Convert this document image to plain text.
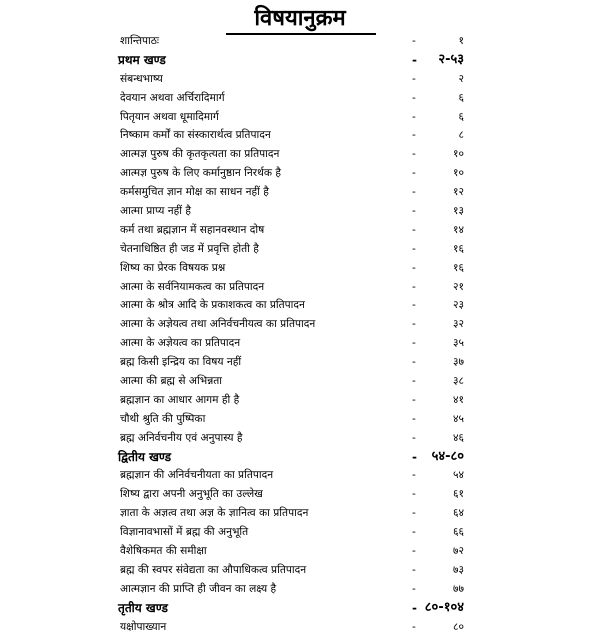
विषयानुक्रम
शान्तिपाठः	-	१
प्रथम खण्ड	- २-५३
संबन्धभाष्य	-	२
देवयान अथवा अर्चिरादिमार्ग	-	६
पितृयान अथवा धूमादिमार्ग	-	६
निष्काम कर्मों का संस्कारार्थत्व प्रतिपादन	-	८
आत्मज्ञ पुरुष की कृतकृत्यता का प्रतिपादन	-	१०
आत्मज्ञ पुरुष के लिए कर्मानुष्ठान निरर्थक है	-	१०
कर्मसमुचित ज्ञान मोक्ष का साधन नहीं है	-	१२
आत्मा प्राप्य नहीं है	-	१३
कर्म तथा ब्रह्मज्ञान में सहानवस्थान दोष	-	१४
चेतनाधिष्ठित ही जड में प्रवृत्ति होती है	-	१६
शिष्य का प्रेरक विषयक प्रश्न	-	१६
आत्मा के सर्वनियामकत्व का प्रतिपादन	-	२१
आत्मा के श्रोत्र आदि के प्रकाशकत्व का प्रतिपादन	-	२३
आत्मा के अज्ञेयत्व तथा अनिर्वचनीयत्व का प्रतिपादन	-	३२
आत्मा के अज्ञेयत्व का प्रतिपादन	-	३५
ब्रह्म किसी इन्द्रिय का विषय नहीं	-	३७
आत्मा की ब्रह्म से अभिन्नता	-	३८
ब्रह्मज्ञान का आधार आगम ही है	-	४१
चौथी श्रुति की पुष्पिका	-	४५
ब्रह्म अनिर्वचनीय एवं अनुपास्य है	-	४६
द्वितीय खण्ड	- ५४-८०
ब्रह्मज्ञान की अनिर्वचनीयता का प्रतिपादन	-	५४
शिष्य द्वारा अपनी अनुभूति का उल्लेख	-	६१
ज्ञाता के अज्ञत्व तथा अज्ञ के ज्ञानित्व का प्रतिपादन	-	६४
विज्ञानावभासों में ब्रह्म की अनुभूति	-	६६
वैशेषिकमत की समीक्षा	-	७२
ब्रह्म की स्वपर संवेद्यता का औपाधिकत्व प्रतिपादन	-	७३
आत्मज्ञान की प्राप्ति ही जीवन का लक्ष्य है	-	७७
तृतीय खण्ड	- ८०-१०४
यक्षोपाख्यान	-	८०
